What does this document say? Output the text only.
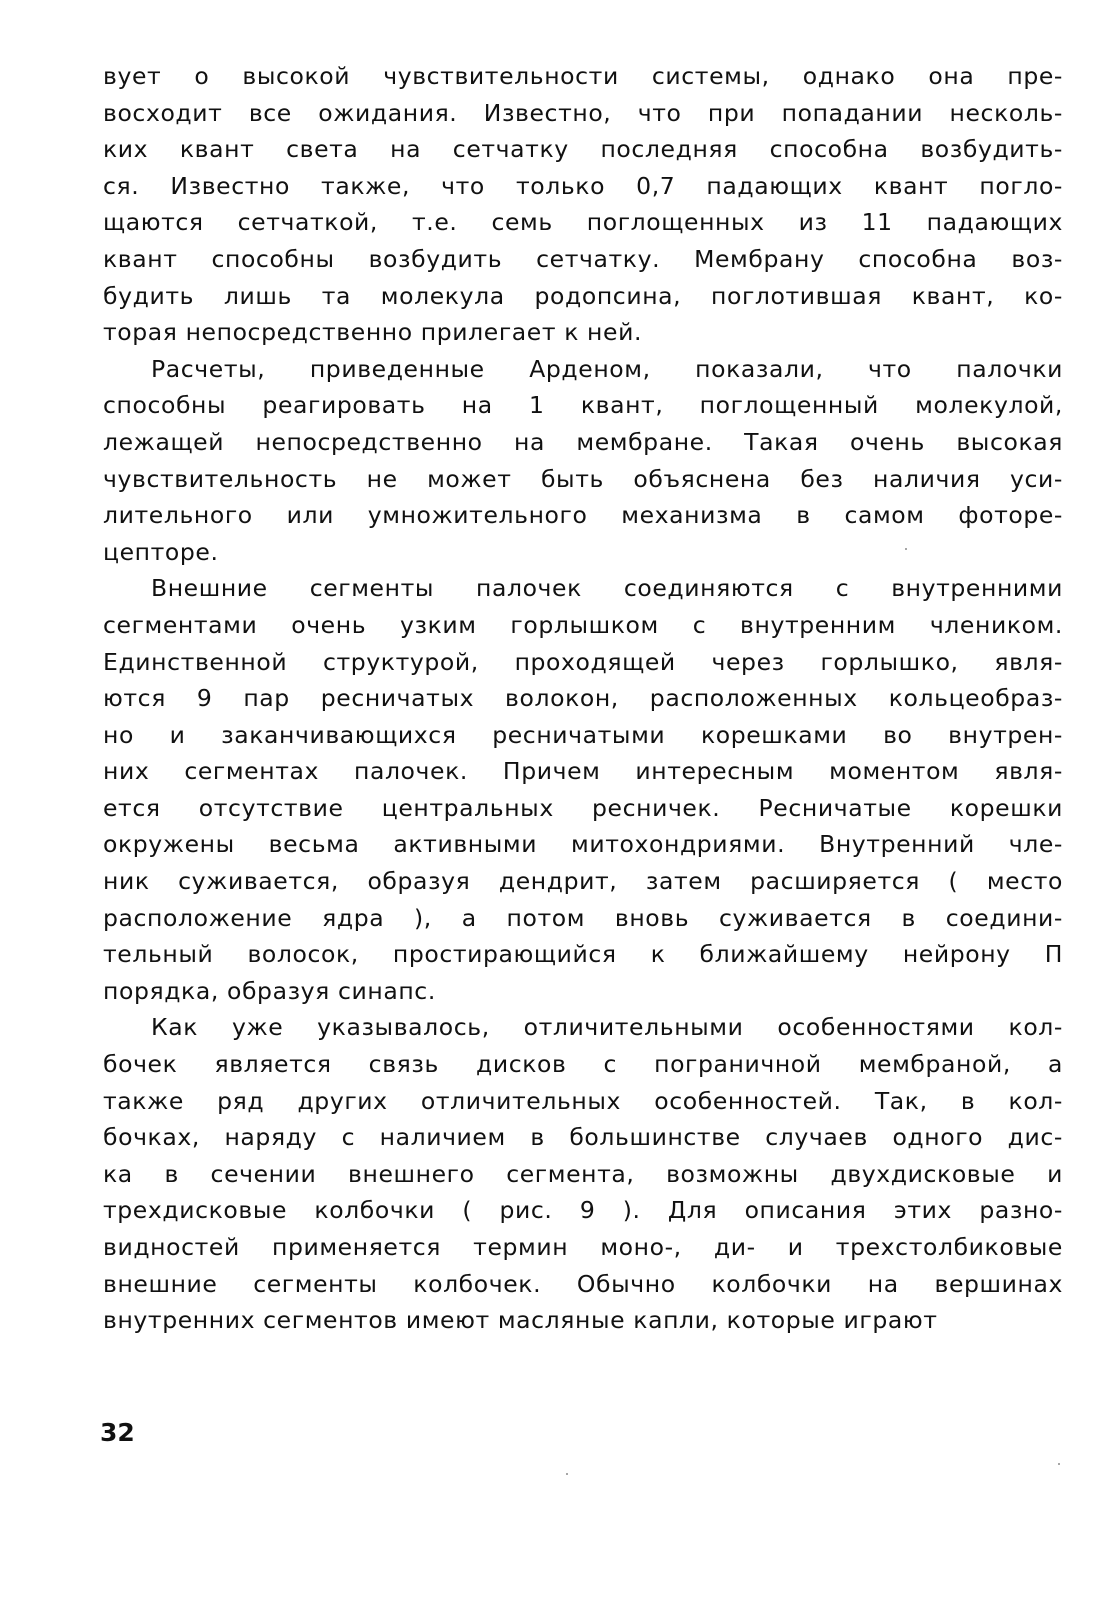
вует о высокой чувствительности системы, однако она пре-
восходит все ожидания. Известно, что при попадании несколь-
ких квант света на сетчатку последняя способна возбудить-
ся. Известно также, что только 0,7 падающих квант погло-
щаются сетчаткой, т.е. семь поглощенных из 11 падающих
квант способны возбудить сетчатку. Мембрану способна воз-
будить лишь та молекула родопсина, поглотившая квант, ко-
торая непосредственно прилегает к ней.
Расчеты, приведенные Арденом, показали, что палочки
способны реагировать на 1 квант, поглощенный молекулой,
лежащей непосредственно на мембране. Такая очень высокая
чувствительность не может быть объяснена без наличия уси-
лительного или умножительного механизма в самом фоторе-
цепторе.
Внешние сегменты палочек соединяются с внутренними
сегментами очень узким горлышком с внутренним члеником.
Единственной структурой, проходящей через горлышко, явля-
ются 9 пар ресничатых волокон, расположенных кольцеобраз-
но и заканчивающихся ресничатыми корешками во внутрен-
них сегментах палочек. Причем интересным моментом явля-
ется отсутствие центральных ресничек. Ресничатые корешки
окружены весьма активными митохондриями. Внутренний чле-
ник суживается, образуя дендрит, затем расширяется ( место
расположение ядра ), а потом вновь суживается в соедини-
тельный волосок, простирающийся к ближайшему нейрону П
порядка, образуя синапс.
Как уже указывалось, отличительными особенностями кол-
бочек является связь дисков с пограничной мембраной, а
также ряд других отличительных особенностей. Так, в кол-
бочках, наряду с наличием в большинстве случаев одного дис-
ка в сечении внешнего сегмента, возможны двухдисковые и
трехдисковые колбочки ( рис. 9 ). Для описания этих разно-
видностей применяется термин моно-, ди- и трехстолбиковые
внешние сегменты колбочек. Обычно колбочки на вершинах
внутренних сегментов имеют масляные капли, которые играют
32
